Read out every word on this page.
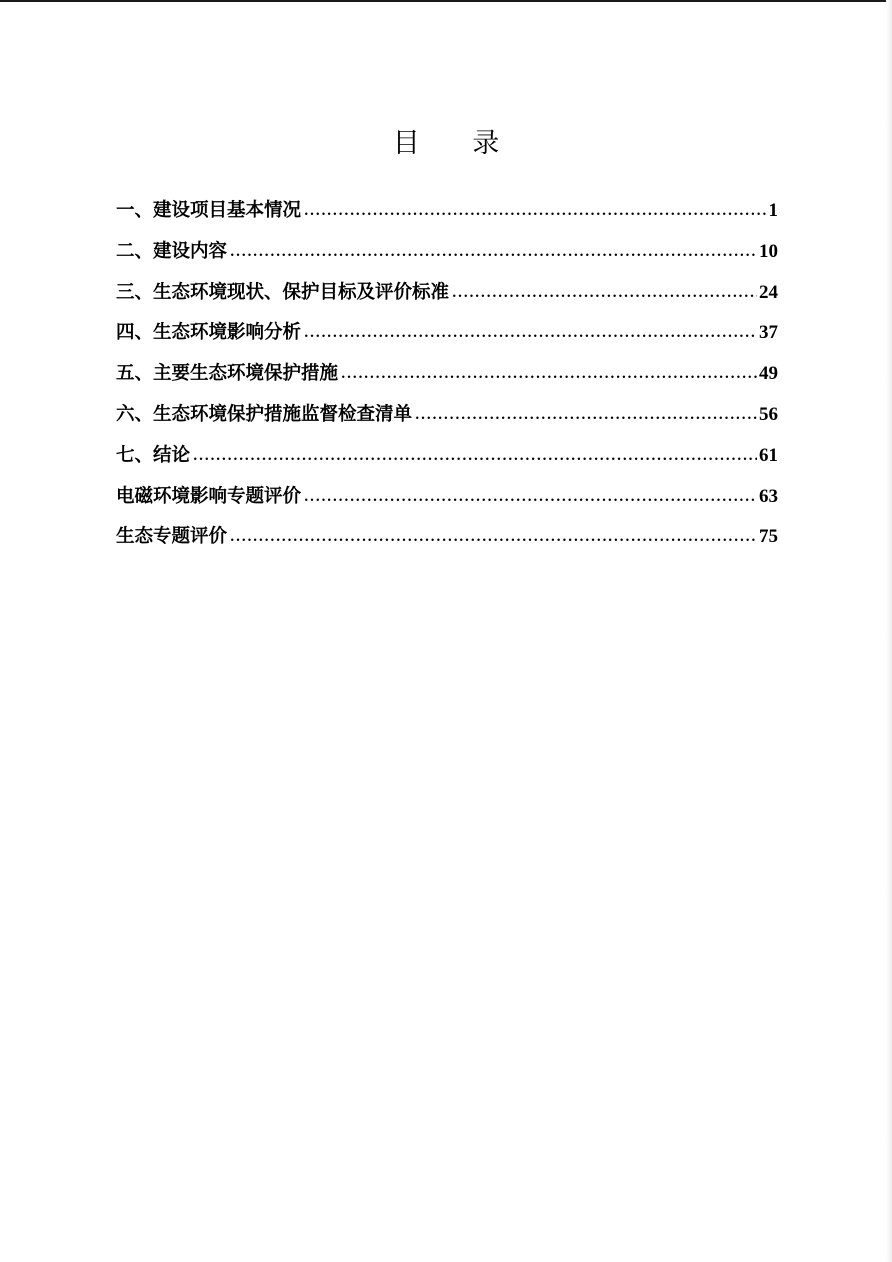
目 录
一、建设项目基本情况 .....	1
二、建设内容 .....	10
三、生态环境现状、保护目标及评价标准 .....	24
四、生态环境影响分析 .....	37
五、主要生态环境保护措施 .....	49
六、生态环境保护措施监督检查清单 .....	56
七、结论 .....	61
电磁环境影响专题评价 .....	63
生态专题评价 .....	75
